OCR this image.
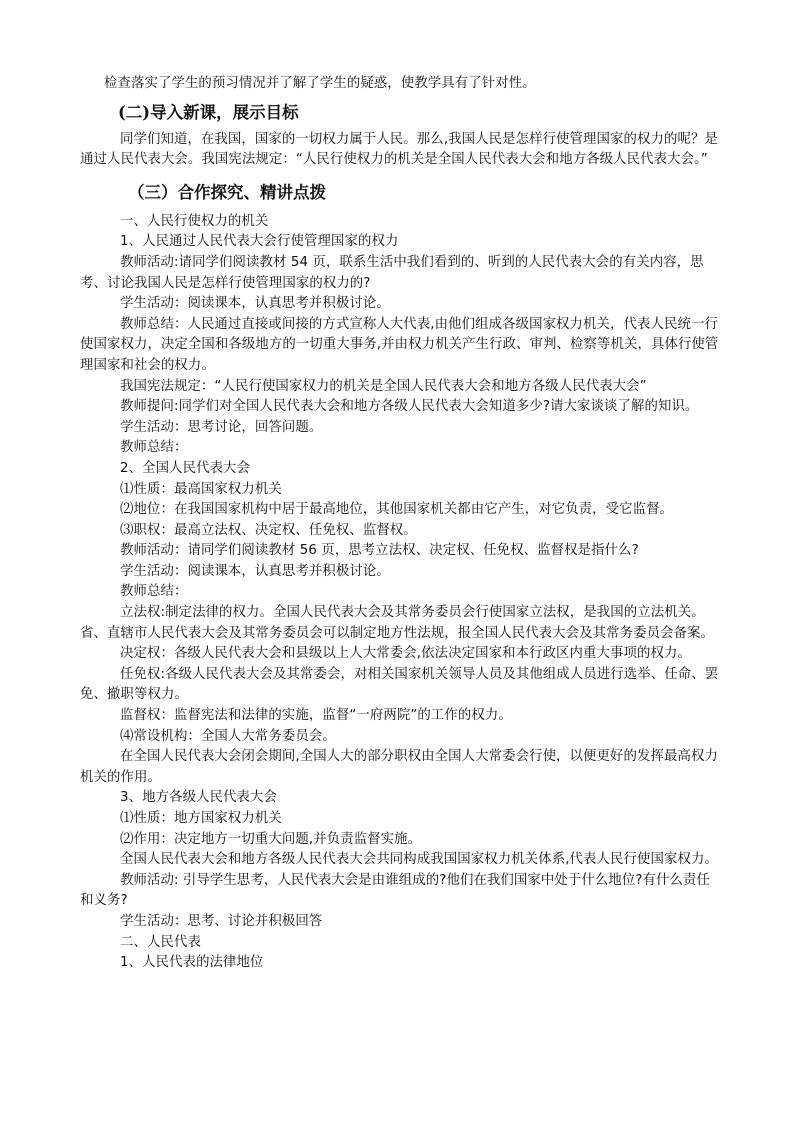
检查落实了学生的预习情况并了解了学生的疑惑，使教学具有了针对性。

(二)导入新课，展示目标

同学们知道，在我国，国家的一切权力属于人民。那么,我国人民是怎样行使管理国家的权力的呢？是通过人民代表大会。我国宪法规定：“人民行使权力的机关是全国人民代表大会和地方各级人民代表大会。”

（三）合作探究、精讲点拨

一、人民行使权力的机关

1、人民通过人民代表大会行使管理国家的权力

教师活动:请同学们阅读教材 54 页，联系生活中我们看到的、听到的人民代表大会的有关内容，思考、讨论我国人民是怎样行使管理国家的权力的?

学生活动：阅读课本，认真思考并积极讨论。

教师总结：人民通过直接或间接的方式宣称人大代表,由他们组成各级国家权力机关，代表人民统一行使国家权力，决定全国和各级地方的一切重大事务,并由权力机关产生行政、审判、检察等机关，具体行使管理国家和社会的权力。

我国宪法规定：“人民行使国家权力的机关是全国人民代表大会和地方各级人民代表大会”

教师提问:同学们对全国人民代表大会和地方各级人民代表大会知道多少?请大家谈谈了解的知识。

学生活动：思考讨论，回答问题。

教师总结：

2、全国人民代表大会

⑴性质：最高国家权力机关

⑵地位：在我国国家机构中居于最高地位，其他国家机关都由它产生，对它负责，受它监督。

⑶职权：最高立法权、决定权、任免权、监督权。

教师活动：请同学们阅读教材 56 页，思考立法权、决定权、任免权、监督权是指什么?

学生活动：阅读课本，认真思考并积极讨论。

教师总结：

立法权:制定法律的权力。全国人民代表大会及其常务委员会行使国家立法权，是我国的立法机关。省、直辖市人民代表大会及其常务委员会可以制定地方性法规，报全国人民代表大会及其常务委员会备案。

决定权：各级人民代表大会和县级以上人大常委会,依法决定国家和本行政区内重大事项的权力。

任免权:各级人民代表大会及其常委会，对相关国家机关领导人员及其他组成人员进行选举、任命、罢免、撤职等权力。

监督权：监督宪法和法律的实施，监督“一府两院”的工作的权力。

⑷常设机构：全国人大常务委员会。

在全国人民代表大会闭会期间,全国人大的部分职权由全国人大常委会行使，以便更好的发挥最高权力机关的作用。

3、地方各级人民代表大会

⑴性质：地方国家权力机关

⑵作用：决定地方一切重大问题,并负责监督实施。

全国人民代表大会和地方各级人民代表大会共同构成我国国家权力机关体系,代表人民行使国家权力。

教师活动: 引导学生思考，人民代表大会是由谁组成的?他们在我们国家中处于什么地位?有什么责任和义务?

学生活动：思考、讨论并积极回答

二、人民代表

1、人民代表的法律地位
